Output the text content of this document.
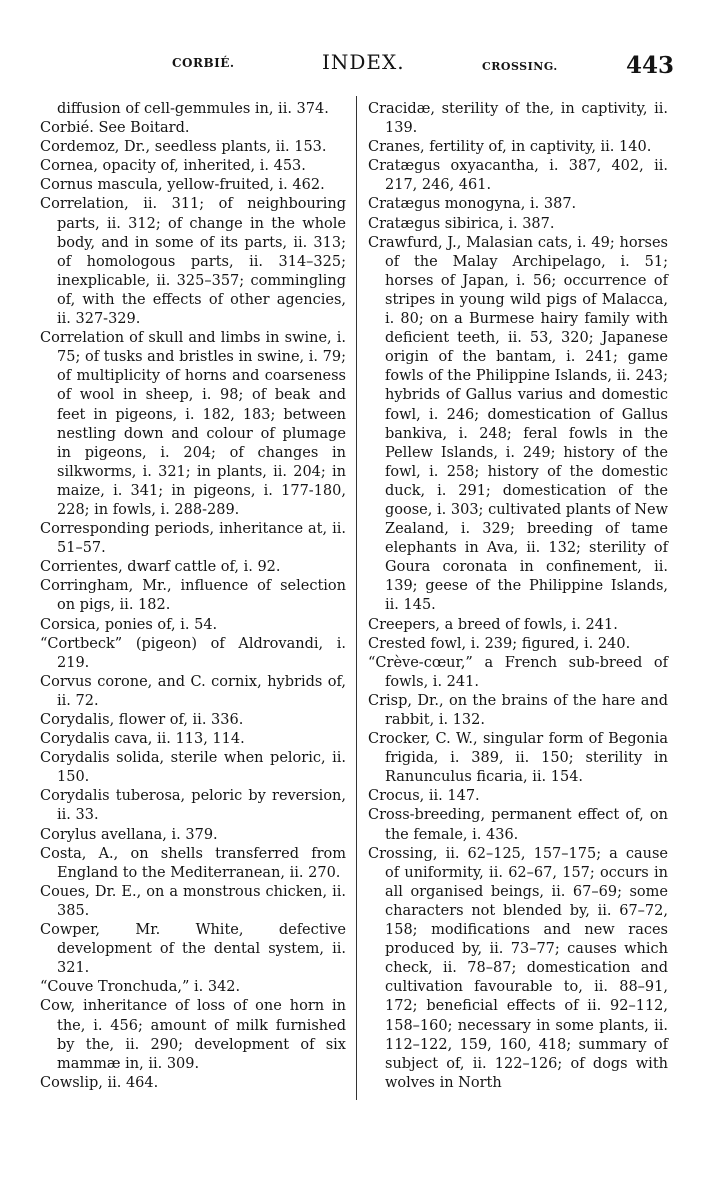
CORBIÉ.	INDEX.	CROSSING.	443

diffusion of cell-gemmules in, ii. 374.

Corbié. See Boitard.

Cordemoz, Dr., seedless plants, ii. 153.

Cornea, opacity of, inherited, i. 453.

Cornus mascula, yellow-fruited, i. 462.

Correlation, ii. 311; of neighbouring parts, ii. 312; of change in the whole body, and in some of its parts, ii. 313; of homologous parts, ii. 314–325; inexplicable, ii. 325–357; commingling of, with the effects of other agencies, ii. 327-329.

Correlation of skull and limbs in swine, i. 75; of tusks and bristles in swine, i. 79; of multiplicity of horns and coarseness of wool in sheep, i. 98; of beak and feet in pigeons, i. 182, 183; between nestling down and colour of plumage in pigeons, i. 204; of changes in silkworms, i. 321; in plants, ii. 204; in maize, i. 341; in pigeons, i. 177-180, 228; in fowls, i. 288-289.

Corresponding periods, inheritance at, ii. 51–57.

Corrientes, dwarf cattle of, i. 92.

Corringham, Mr., influence of selection on pigs, ii. 182.

Corsica, ponies of, i. 54.

“Cortbeck” (pigeon) of Aldrovandi, i. 219.

Corvus corone, and C. cornix, hybrids of, ii. 72.

Corydalis, flower of, ii. 336.

Corydalis cava, ii. 113, 114.

Corydalis solida, sterile when peloric, ii. 150.

Corydalis tuberosa, peloric by reversion, ii. 33.

Corylus avellana, i. 379.

Costa, A., on shells transferred from England to the Mediterranean, ii. 270.

Coues, Dr. E., on a monstrous chicken, ii. 385.

Cowper, Mr. White, defective development of the dental system, ii. 321.

“Couve Tronchuda,” i. 342.

Cow, inheritance of loss of one horn in the, i. 456; amount of milk furnished by the, ii. 290; development of six mammæ in, ii. 309.

Cowslip, ii. 464.

Cracidæ, sterility of the, in captivity, ii. 139.

Cranes, fertility of, in captivity, ii. 140.

Cratægus oxyacantha, i. 387, 402, ii. 217, 246, 461.

Cratægus monogyna, i. 387.

Cratægus sibirica, i. 387.

Crawfurd, J., Malasian cats, i. 49; horses of the Malay Archipelago, i. 51; horses of Japan, i. 56; occurrence of stripes in young wild pigs of Malacca, i. 80; on a Burmese hairy family with deficient teeth, ii. 53, 320; Japanese origin of the bantam, i. 241; game fowls of the Philippine Islands, ii. 243; hybrids of Gallus varius and domestic fowl, i. 246; domestication of Gallus bankiva, i. 248; feral fowls in the Pellew Islands, i. 249; history of the fowl, i. 258; history of the domestic duck, i. 291; domestication of the goose, i. 303; cultivated plants of New Zealand, i. 329; breeding of tame elephants in Ava, ii. 132; sterility of Goura coronata in confinement, ii. 139; geese of the Philippine Islands, ii. 145.

Creepers, a breed of fowls, i. 241.

Crested fowl, i. 239; figured, i. 240.

“Crève-cœur,” a French sub-breed of fowls, i. 241.

Crisp, Dr., on the brains of the hare and rabbit, i. 132.

Crocker, C. W., singular form of Begonia frigida, i. 389, ii. 150; sterility in Ranunculus ficaria, ii. 154.

Crocus, ii. 147.

Cross-breeding, permanent effect of, on the female, i. 436.

Crossing, ii. 62–125, 157–175; a cause of uniformity, ii. 62–67, 157; occurs in all organised beings, ii. 67–69; some characters not blended by, ii. 67–72, 158; modifications and new races produced by, ii. 73–77; causes which check, ii. 78–87; domestication and cultivation favourable to, ii. 88–91, 172; beneficial effects of ii. 92–112, 158–160; necessary in some plants, ii. 112–122, 159, 160, 418; summary of subject of, ii. 122–126; of dogs with wolves in North
